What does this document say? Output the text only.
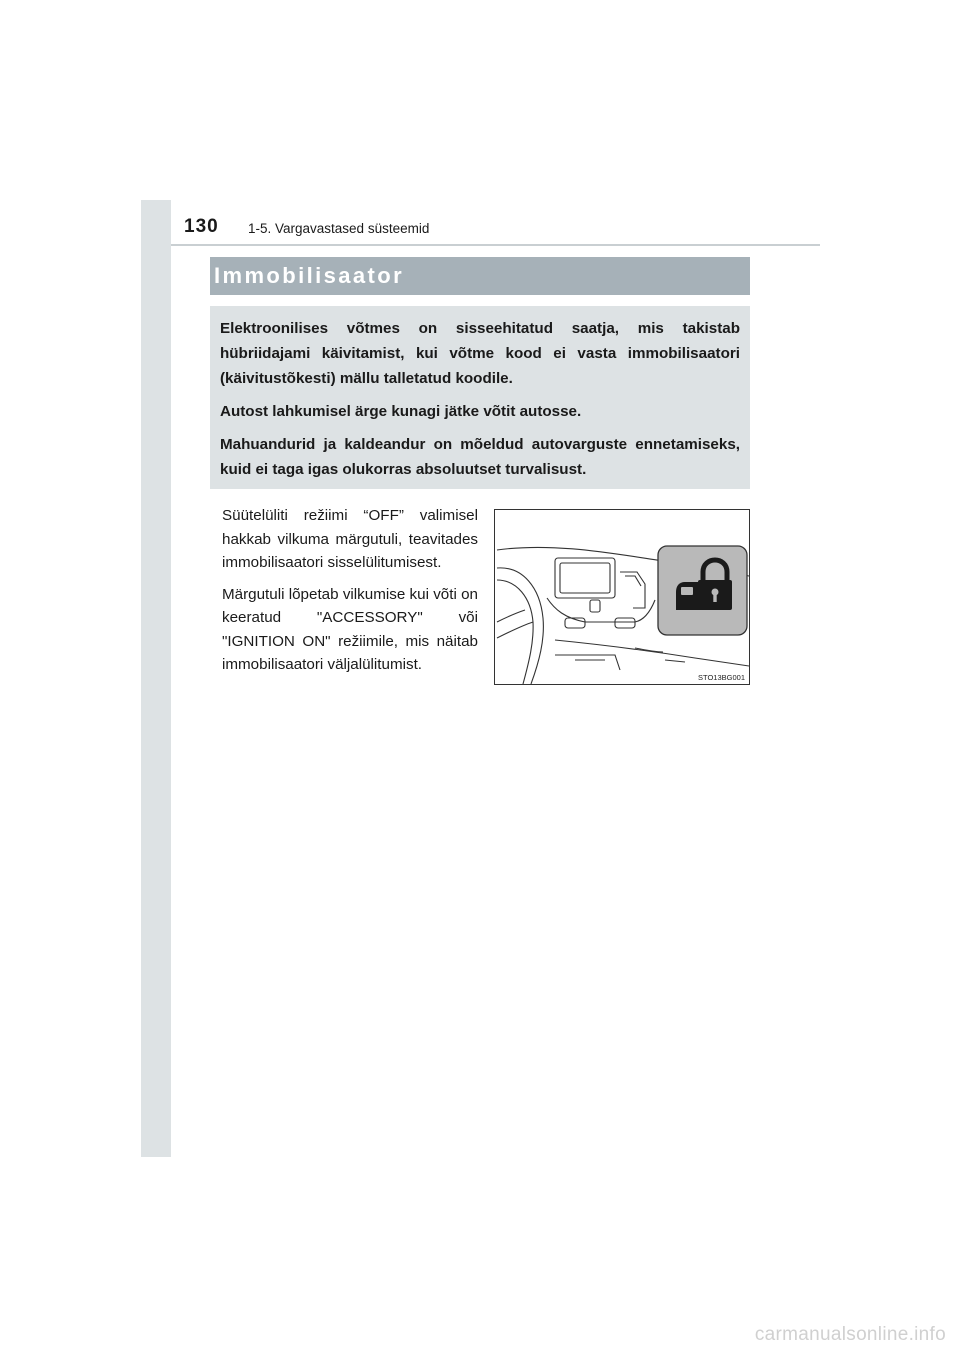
130 1-5. Vargavastased süsteemid
Immobilisaator

Elektroonilises võtmes on sisseehitatud saatja, mis takistab hübriidajami käivitamist, kui võtme kood ei vasta immobilisaatori (käivitustõkesti) mällu talletatud koodile.

Autost lahkumisel ärge kunagi jätke võtit autosse.

Mahuandurid ja kaldeandur on mõeldud autovarguste ennetamiseks, kuid ei taga igas olukorras absoluutset turvalisust.

Süütelüliti režiimi “OFF” valimisel hakkab vilkuma märgutuli, teavitades immobilisaatori sisselülitumisest.

Märgutuli lõpetab vilkumise kui võti on keeratud "ACCESSORY" või "IGNITION ON" režiimile, mis näitab immobilisaatori väljalülitumist.

STO13BG001
carmanualsonline.info
